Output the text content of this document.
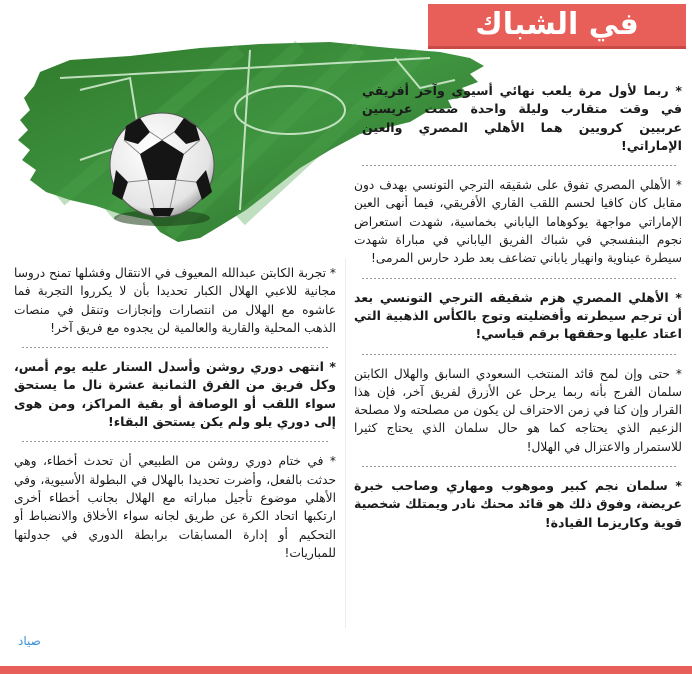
في الشباك

* ربما لأول مرة يلعب نهائي أسيوي وآخر أفريقي في وقت متقارب وليلة واحدة ضمت عريسين عربيين كرويين هما الأهلي المصري والعين الإماراتي!

* الأهلي المصري تفوق على شقيقه الترجي التونسي بهدف دون مقابل كان كافيا لحسم اللقب القاري الأفريقي، فيما أنهى العين الإماراتي مواجهة يوكوهاما الياباني بخماسية، شهدت استعراض نجوم البنفسجي في شباك الفريق الياباني في مباراة شهدت سيطرة عيناوية وانهيار ياباني تضاعف بعد طرد حارس المرمى!

* الأهلي المصري هزم شقيقه الترجي التونسي بعد أن ترجم سيطرته وأفضليته وتوج بالكأس الذهبية التي اعتاد عليها وحققها برقم قياسي!

* حتى وإن لمح قائد المنتخب السعودي السابق والهلال الكابتن سلمان الفرج بأنه ربما يرحل عن الأزرق لفريق آخر، فإن هذا القرار وإن كنا في زمن الاحتراف لن يكون من مصلحته ولا مصلحة الزعيم الذي يحتاجه كما هو حال سلمان الذي يحتاج كثيرا للاستمرار والاعتزال في الهلال!

* سلمان نجم كبير وموهوب ومهاري وصاحب خبرة عريضة، وفوق ذلك هو قائد محنك نادر ويمتلك شخصية قوية وكاريزما القيادة!

* تجربة الكابتن عبدالله المعيوف في الانتقال وفشلها تمنح دروسا مجانية للاعبي الهلال الكبار تحديدا بأن لا يكرروا التجربة فما عاشوه مع الهلال من انتصارات وإنجازات وتنقل في منصات الذهب المحلية والقارية والعالمية لن يجدوه مع فريق آخر!

* انتهى دوري روشن وأسدل الستار عليه يوم أمس، وكل فريق من الفرق الثمانية عشرة نال ما يستحق سواء اللقب أو الوصافة أو بقية المراكز، ومن هوى إلى دوري يلو ولم يكن يستحق البقاء!

* في ختام دوري روشن من الطبيعي أن تحدث أخطاء، وهي حدثت بالفعل، وأضرت تحديدا بالهلال في البطولة الأسيوية، وفي الأهلي موضوع تأجيل مباراته مع الهلال بجانب أخطاء أخرى ارتكبها اتحاد الكرة عن طريق لجانه سواء الأخلاق والانضباط أو التحكيم أو إدارة المسابقات برابطة الدوري في جدولتها للمباريات!

صياد
